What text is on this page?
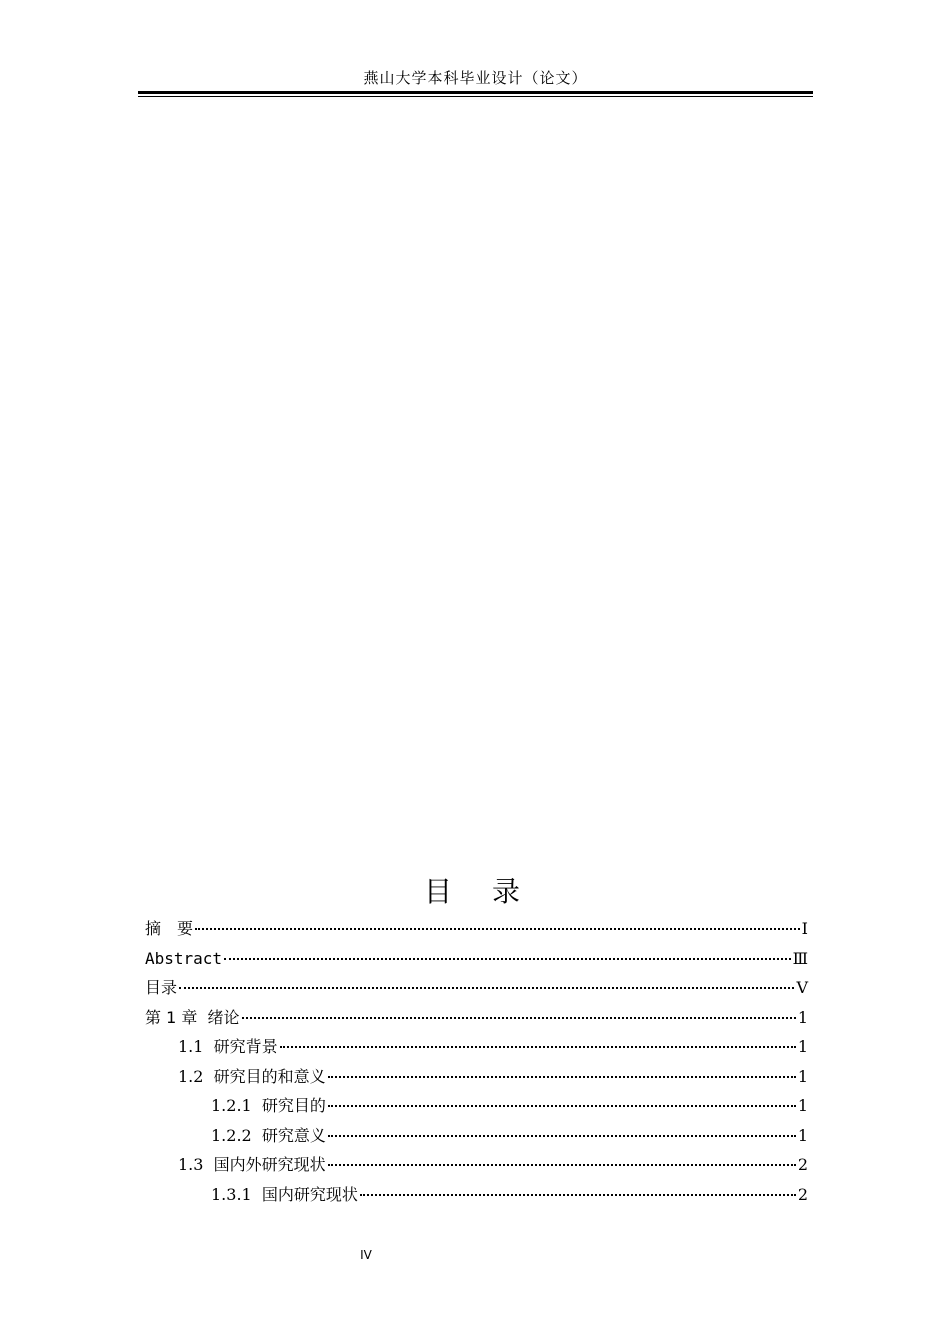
燕山大学本科毕业设计（论文）
目　录
摘　要	I
Abstract	Ⅲ
目录	Ⅴ
第 1 章  绪论	1
1.1  研究背景	1
1.2  研究目的和意义	1
1.2.1  研究目的	1
1.2.2  研究意义	1
1.3  国内外研究现状	2
1.3.1  国内研究现状	2
IV
